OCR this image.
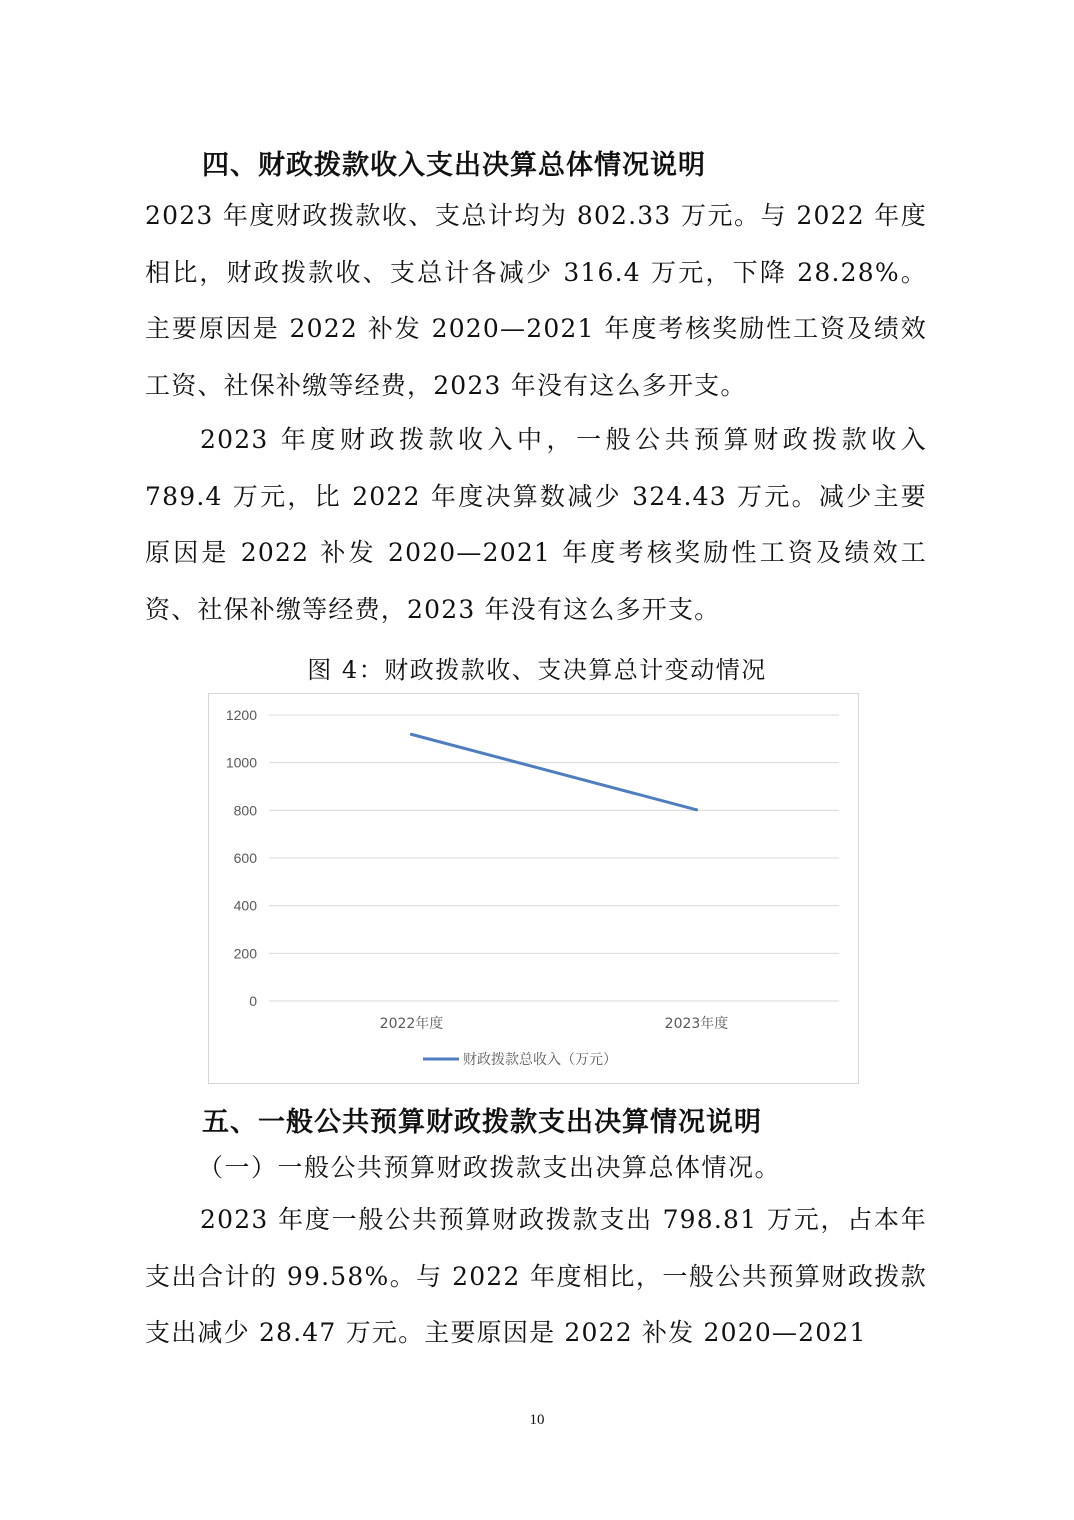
四、财政拨款收入支出决算总体情况说明

2023 年度财政拨款收、支总计均为 802.33 万元。与 2022 年度相比，财政拨款收、支总计各减少 316.4 万元，下降 28.28%。主要原因是 2022 补发 2020—2021 年度考核奖励性工资及绩效工资、社保补缴等经费，2023 年没有这么多开支。

2023 年度财政拨款收入中，一般公共预算财政拨款收入 789.4 万元，比 2022 年度决算数减少 324.43 万元。减少主要原因是 2022 补发 2020—2021 年度考核奖励性工资及绩效工资、社保补缴等经费，2023 年没有这么多开支。

图 4：财政拨款收、支决算总计变动情况
0
200
400
600
800
1000
1200
2022年度	2023年度
财政拨款总收入（万元）
五、一般公共预算财政拨款支出决算情况说明
（一）一般公共预算财政拨款支出决算总体情况。

2023 年度一般公共预算财政拨款支出 798.81 万元，占本年支出合计的 99.58%。与 2022 年度相比，一般公共预算财政拨款支出减少 28.47 万元。主要原因是 2022 补发 2020—2021

10
